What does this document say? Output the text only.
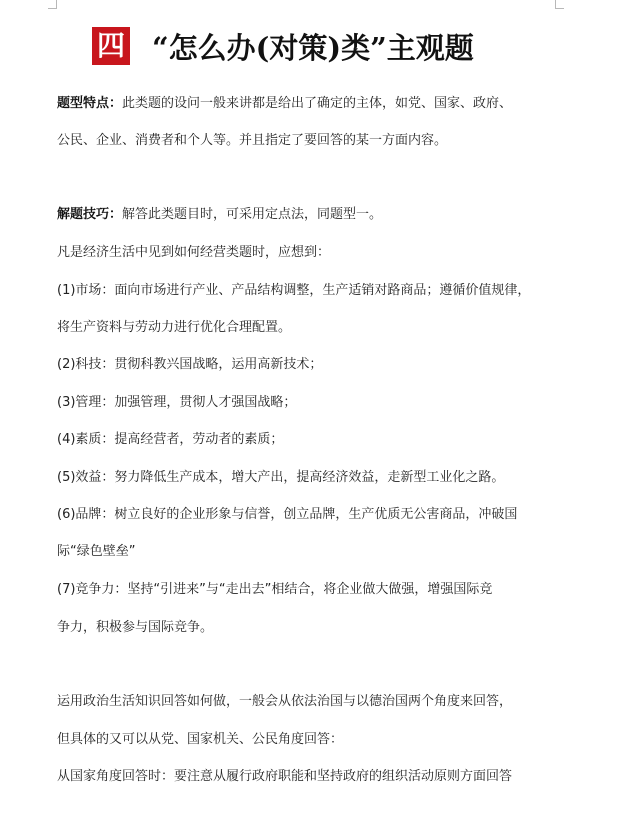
四 “怎么办(对策)类”主观题
题型特点：此类题的设问一般来讲都是给出了确定的主体，如党、国家、政府、
公民、企业、消费者和个人等。并且指定了要回答的某一方面内容。
解题技巧：解答此类题目时，可采用定点法，同题型一。
凡是经济生活中见到如何经营类题时，应想到：
(1)市场：面向市场进行产业、产品结构调整，生产适销对路商品；遵循价值规律，
将生产资料与劳动力进行优化合理配置。
(2)科技：贯彻科教兴国战略，运用高新技术；
(3)管理：加强管理，贯彻人才强国战略；
(4)素质：提高经营者，劳动者的素质；
(5)效益：努力降低生产成本，增大产出，提高经济效益，走新型工业化之路。
(6)品牌：树立良好的企业形象与信誉，创立品牌，生产优质无公害商品，冲破国
际“绿色壁垒”
(7)竞争力：坚持“引进来”与“走出去”相结合，将企业做大做强，增强国际竞
争力，积极参与国际竞争。
运用政治生活知识回答如何做，一般会从依法治国与以德治国两个角度来回答，
但具体的又可以从党、国家机关、公民角度回答：
从国家角度回答时：要注意从履行政府职能和坚持政府的组织活动原则方面回答
